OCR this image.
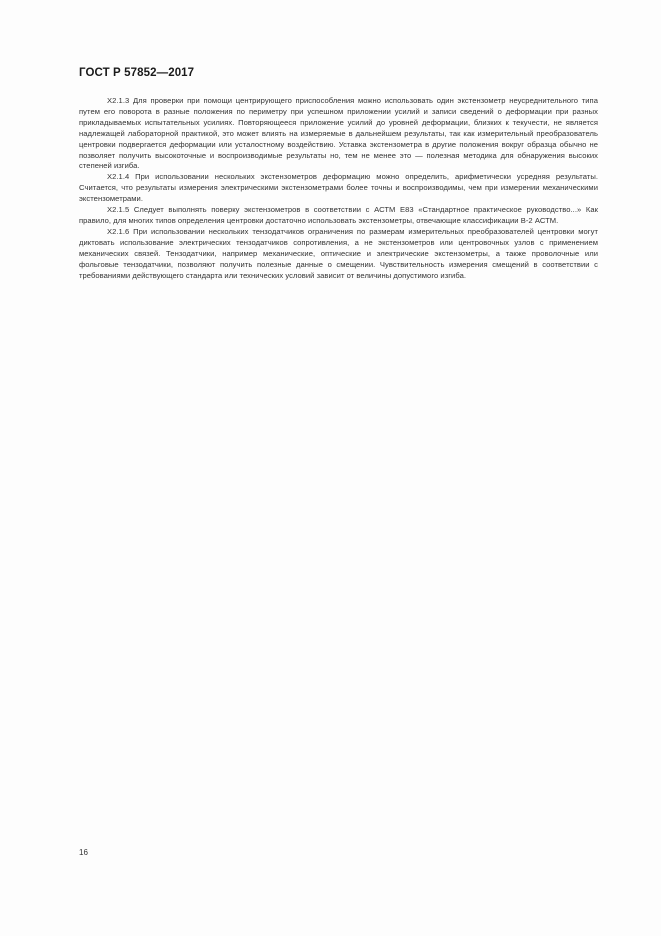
ГОСТ Р 57852—2017

X2.1.3 Для проверки при помощи центрирующего приспособления можно использовать один экстензометр неусреднительного типа путем его поворота в разные положения по периметру при успешном приложении усилий и записи сведений о деформации при разных прикладываемых испытательных усилиях. Повторяющееся приложение усилий до уровней деформации, близких к текучести, не является надлежащей лабораторной практикой, это может влиять на измеряемые в дальнейшем результаты, так как измерительный преобразователь центровки подвергается деформации или усталостному воздействию. Уставка экстензометра в другие положения вокруг образца обычно не позволяет получить высокоточные и воспроизводимые результаты но, тем не менее это — полезная методика для обнаружения высоких степеней изгиба.

X2.1.4 При использовании нескольких экстензометров деформацию можно определить, арифметически усредняя результаты. Считается, что результаты измерения электрическими экстензометрами более точны и воспроизводимы, чем при измерении механическими экстензометрами.

X2.1.5 Следует выполнять поверку экстензометров в соответствии с АСТМ Е83 «Стандартное практическое руководство...» Как правило, для многих типов определения центровки достаточно использовать экстензометры, отвечающие классификации В-2 АСТМ.

X2.1.6 При использовании нескольких тензодатчиков ограничения по размерам измерительных преобразователей центровки могут диктовать использование электрических тензодатчиков сопротивления, а не экстензометров или центровочных узлов с применением механических связей. Тензодатчики, например механические, оптические и электрические экстензометры, а также проволочные или фольговые тензодатчики, позволяют получить полезные данные о смещении. Чувствительность измерения смещений в соответствии с требованиями действующего стандарта или технических условий зависит от величины допустимого изгиба.

16
